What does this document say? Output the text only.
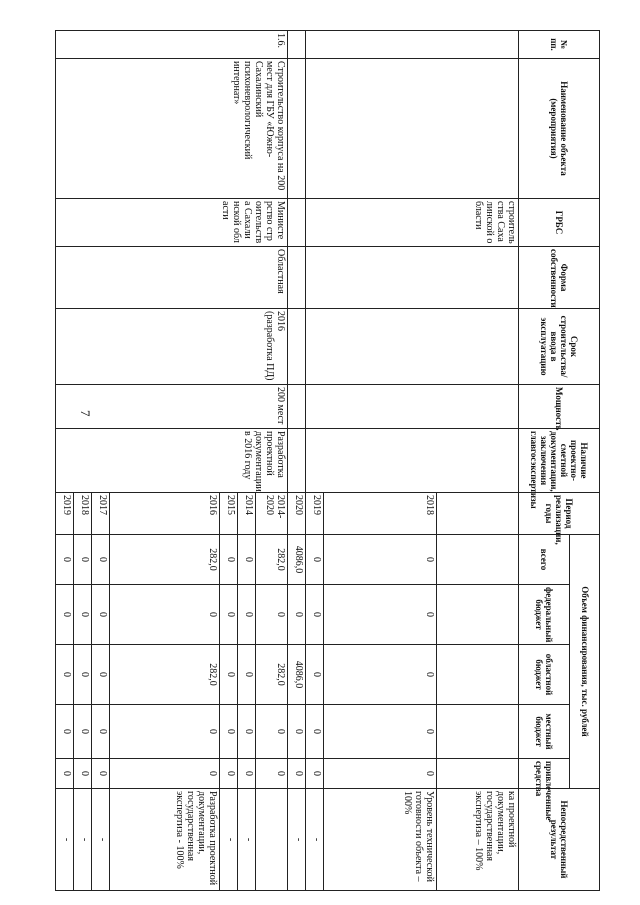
7
№ пп.	Наименование объекта (мероприятия)	ГРБС	Форма собственности	Срок строительства/ввода в эксплуатацию	Мощность	Наличие проектно-сметной документации, заключения главгосэкспертизы	Период реализации, годы	Объем финансирования, тыс. рублей					Непосредственный результат
								всего	федеральный бюджет	областной бюджет	местный бюджет	привлеченные средства	
		строительства Сахалинской области											ка проектной документации, государственная экспертиза – 100%
							2018	0	0	0	0	0	Уровень технической готовности объекта – 100%
							2019	0	0	0	0	0	-
							2020	4086,0	0	4086,0	0	0	-
1.6.	Строительство корпуса на 200 мест для ГБУ «Южно-Сахалинский психоневрологический интернат»	Министерство строительства Сахалинской области	Областная	2016 (разработка ПД)	200 мест	Разработка проектной документации в 2016 году	2014-2020	282,0	0	282,0	0	0	
							2014	0	0	0	0	0	-
							2015	0	0	0	0	0	-
							2016	282,0	0	282,0	0	0	Разработка проектной документации, государственная экспертиза - 100%
							2017	0	0	0	0	0	-
							2018	0	0	0	0	0	-
							2019	0	0	0	0	0	-
